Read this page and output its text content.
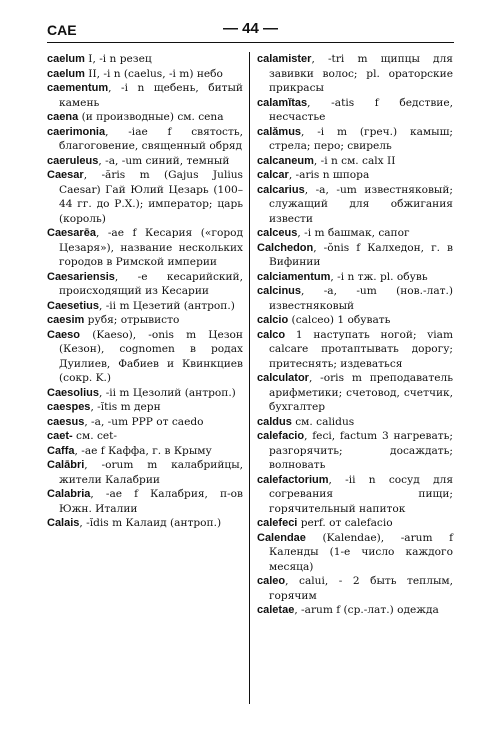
CAE	— 44 —

caelum I, -i n резец

caelum II, -i n (caelus, -i m) небо

caementum, -i n щебень, битый камень

caena (и производные) см. cena

caerimonia, -iae f святость, благоговение, священный обряд

caeruleus, -a, -um синий, темный

Caesar, -ăris m (Gajus Julius Caesar) Гай Юлий Цезарь (100–44 гг. до Р.Х.); император; царь (король)

Caesarēa, -ae f Кесария («город Цезаря»), название нескольких городов в Римской империи

Caesariensis, -e кесарийский, происходящий из Кесарии

Caesetius, -ii m Цезетий (антроп.)

caesim рубя; отрывисто

Caeso (Kaeso), -onis m Цезон (Кезон), cognomen в родах Дуилиев, Фабиев и Квинкциев (сокр. K.)

Caesolius, -ii m Цезолий (антроп.)

caespes, -ĭtis m дерн

caesus, -a, -um PPP от caedo

caet- см. cet-

Caffa, -ae f Каффа, г. в Крыму

Calābri, -orum m калабрийцы, жители Калабрии

Calabria, -ae f Калабрия, п-ов Южн. Италии

Calais, -ĭdis m Калаид (антроп.)

calamister, -tri m щипцы для завивки волос; pl. ораторские прикрасы

calamĭtas, -atis f бедствие, несчастье

calămus, -i m (греч.) камыш; стрела; перо; свирель

calcaneum, -i n см. calx II

calcar, -aris n шпора

calcarius, -a, -um известняковый; служащий для обжигания извести

calceus, -i m башмак, сапог

Calchedon, -ŏnis f Калхедон, г. в Вифинии

calciamentum, -i n тж. pl. обувь

calcinus, -a, -um (нов.-лат.) известняковый

calcio (calceo) 1 обувать

calco 1 наступать ногой; viam calcare протаптывать дорогу; притеснять; издеваться

calculator, -oris m преподаватель арифметики; счетовод, счетчик, бухгалтер

caldus см. calidus

calefacio, feci, factum 3 нагревать; разгорячить; досаждать; волновать

calefactorium, -ii n сосуд для согревания пищи; горячительный напиток

calefeci perf. от calefacio

Calendae (Kalendae), -arum f Календы (1-е число каждого месяца)

caleo, calui, - 2 быть теплым, горячим

caletae, -arum f (ср.-лат.) одежда
